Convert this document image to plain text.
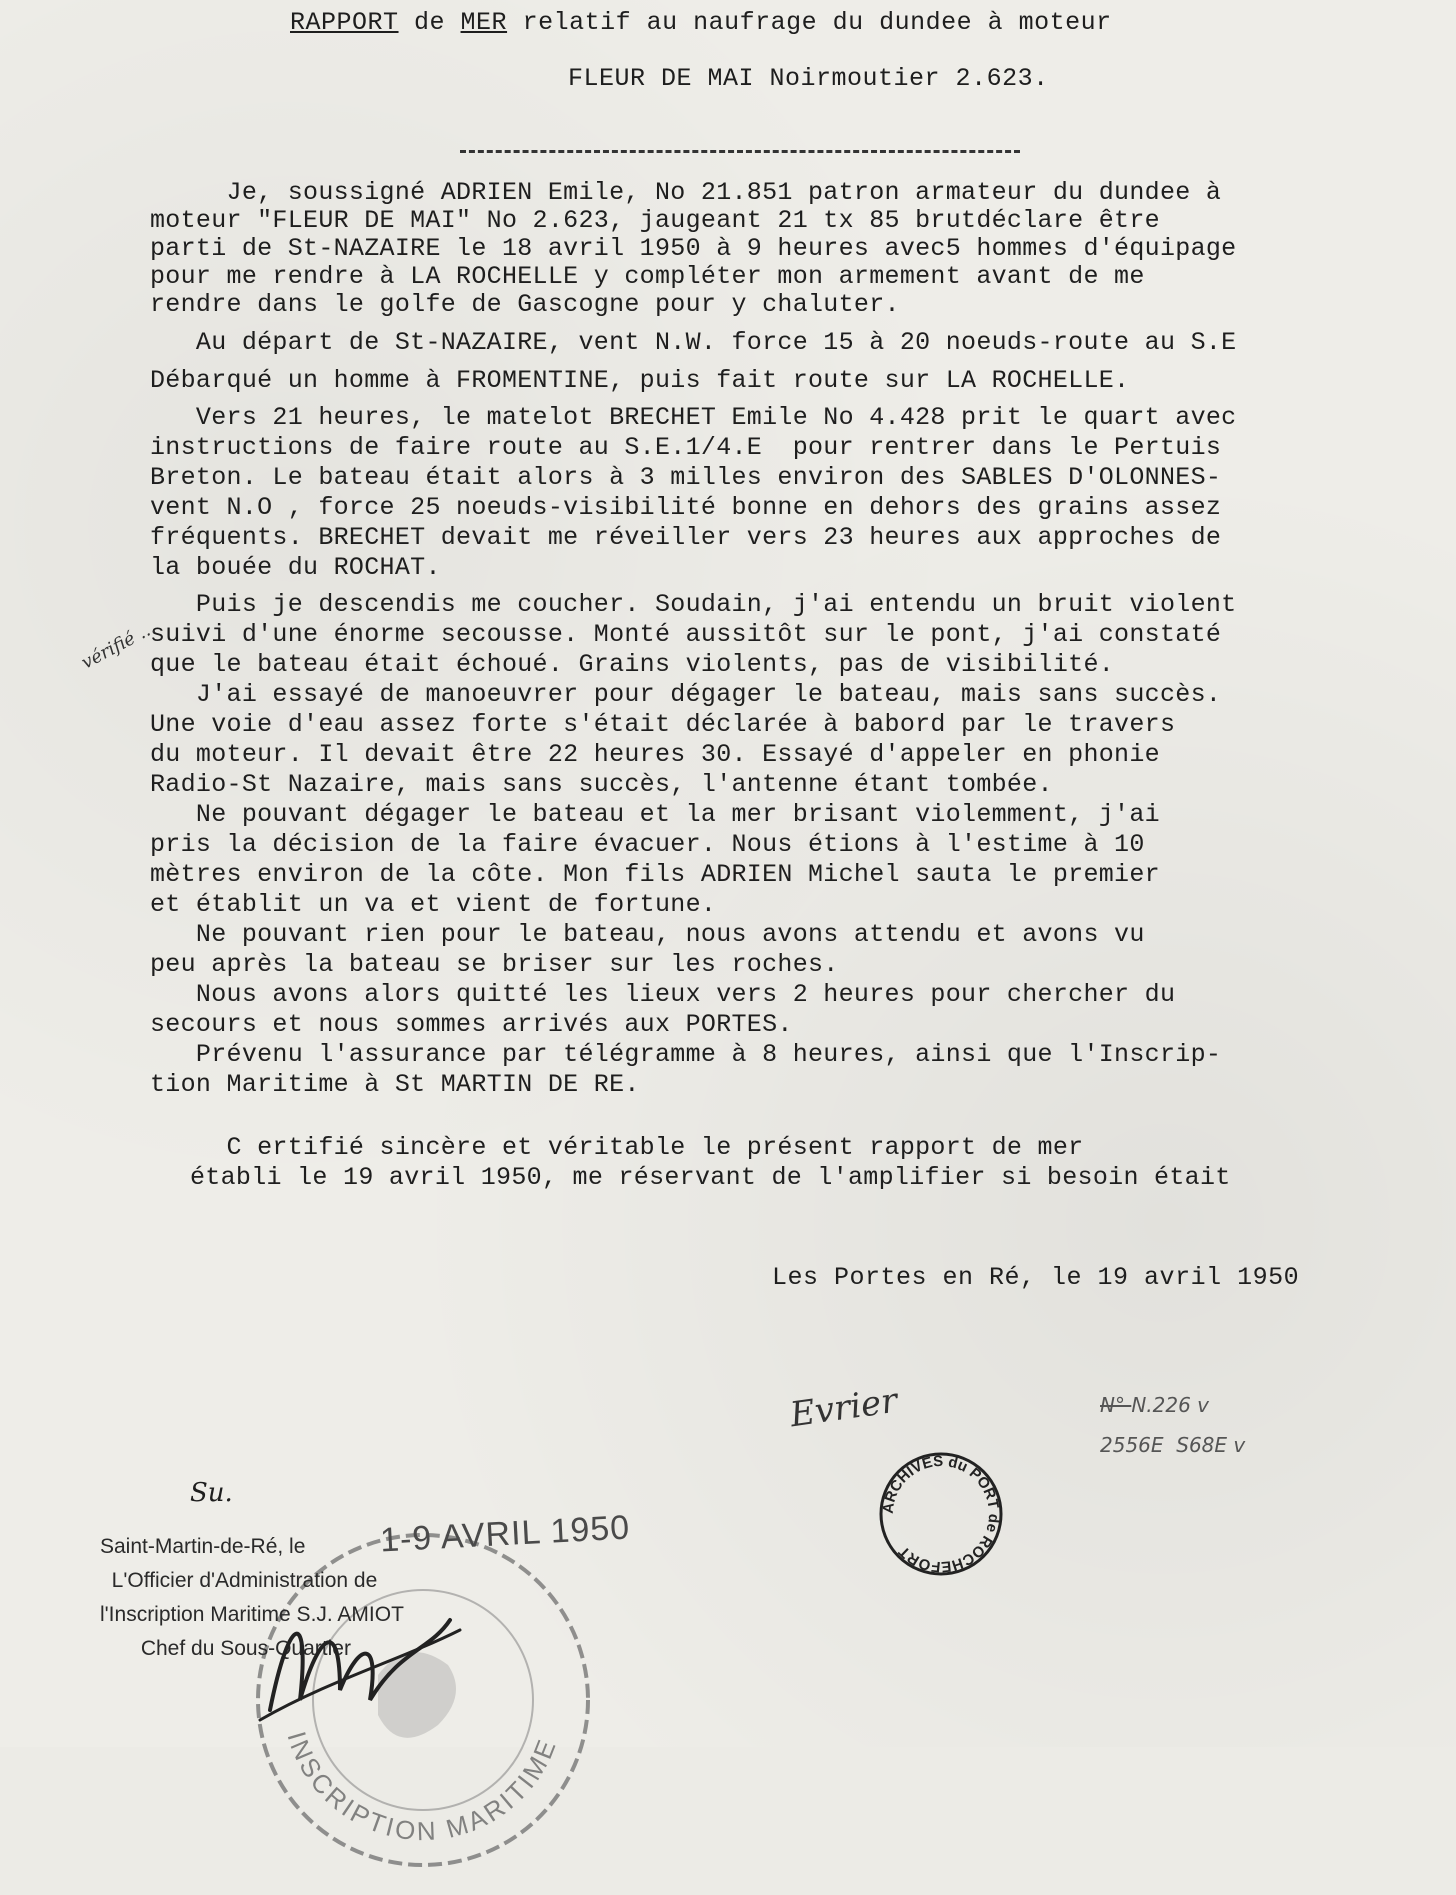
RAPPORT de MER relatif au naufrage du dundee à moteur
FLEUR DE MAI Noirmoutier 2.623.
Je, soussigné ADRIEN Emile, No 21.851 patron armateur du dundee à
moteur "FLEUR DE MAI" No 2.623, jaugeant 21 tx 85 brutdéclare être
parti de St-NAZAIRE le 18 avril 1950 à 9 heures avec5 hommes d'équipage
pour me rendre à LA ROCHELLE y compléter mon armement avant de me
rendre dans le golfe de Gascogne pour y chaluter.
Au départ de St-NAZAIRE, vent N.W. force 15 à 20 noeuds-route au S.E
Débarqué un homme à FROMENTINE, puis fait route sur LA ROCHELLE.
Vers 21 heures, le matelot BRECHET Emile No 4.428 prit le quart avec
instructions de faire route au S.E.1/4.E  pour rentrer dans le Pertuis
Breton. Le bateau était alors à 3 milles environ des SABLES D'OLONNES-
vent N.O , force 25 noeuds-visibilité bonne en dehors des grains assez
fréquents. BRECHET devait me réveiller vers 23 heures aux approches de
la bouée du ROCHAT.
Puis je descendis me coucher. Soudain, j'ai entendu un bruit violent
suivi d'une énorme secousse. Monté aussitôt sur le pont, j'ai constaté
que le bateau était échoué. Grains violents, pas de visibilité.
J'ai essayé de manoeuvrer pour dégager le bateau, mais sans succès.
Une voie d'eau assez forte s'était déclarée à babord par le travers
du moteur. Il devait être 22 heures 30. Essayé d'appeler en phonie
Radio-St Nazaire, mais sans succès, l'antenne étant tombée.
Ne pouvant dégager le bateau et la mer brisant violemment, j'ai
pris la décision de la faire évacuer. Nous étions à l'estime à 10
mètres environ de la côte. Mon fils ADRIEN Michel sauta le premier
et établit un va et vient de fortune.
Ne pouvant rien pour le bateau, nous avons attendu et avons vu
peu après la bateau se briser sur les roches.
Nous avons alors quitté les lieux vers 2 heures pour chercher du
secours et nous sommes arrivés aux PORTES.
Prévenu l'assurance par télégramme à 8 heures, ainsi que l'Inscrip-
tion Maritime à St MARTIN DE RE.
C ertifié sincère et véritable le présent rapport de mer
établi le 19 avril 1950, me réservant de l'amplifier si besoin était
Les Portes en Ré, le 19 avril 1950
vérifié ...
INSCRIPTION MARITIME
Su.
1-9 AVRIL 1950
Saint-Martin-de-Ré, le
L'Officier d'Administration de
l'Inscription Maritime S.J. AMIOT
Chef du Sous-Quartier
Evrier
ARCHIVES du PORT de ROCHEFORT
N° N.226 v
2556E  S68E v
